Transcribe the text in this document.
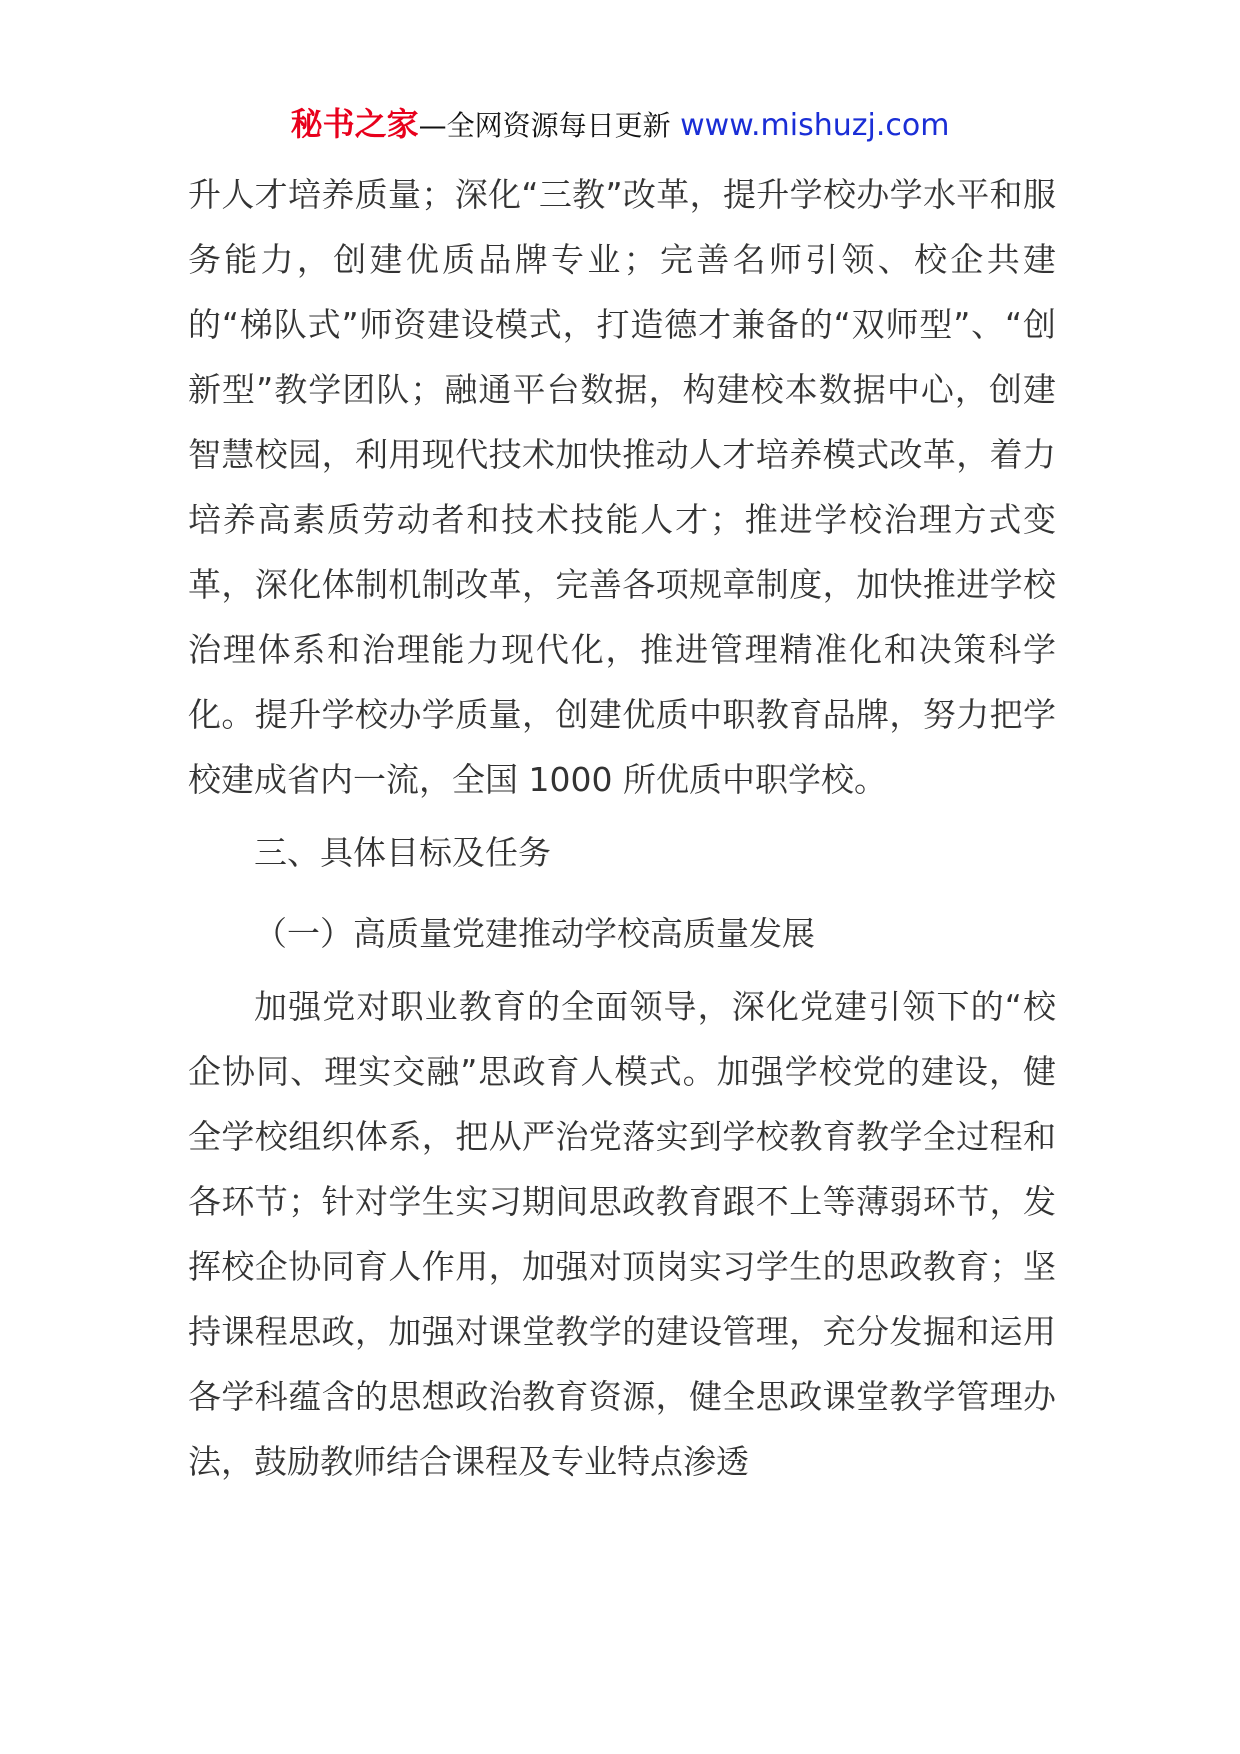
秘书之家—全网资源每日更新 www.mishuzj.com

升人才培养质量；深化“三教”改革，提升学校办学水平和服务能力，创建优质品牌专业；完善名师引领、校企共建的“梯队式”师资建设模式，打造德才兼备的“双师型”、“创新型”教学团队；融通平台数据，构建校本数据中心，创建智慧校园，利用现代技术加快推动人才培养模式改革，着力培养高素质劳动者和技术技能人才；推进学校治理方式变革，深化体制机制改革，完善各项规章制度，加快推进学校治理体系和治理能力现代化，推进管理精准化和决策科学化。提升学校办学质量，创建优质中职教育品牌，努力把学校建成省内一流，全国 1000 所优质中职学校。

三、具体目标及任务

（一）高质量党建推动学校高质量发展

加强党对职业教育的全面领导，深化党建引领下的“校企协同、理实交融”思政育人模式。加强学校党的建设，健全学校组织体系，把从严治党落实到学校教育教学全过程和各环节；针对学生实习期间思政教育跟不上等薄弱环节，发挥校企协同育人作用，加强对顶岗实习学生的思政教育；坚持课程思政，加强对课堂教学的建设管理，充分发掘和运用各学科蕴含的思想政治教育资源，健全思政课堂教学管理办法，鼓励教师结合课程及专业特点渗透
